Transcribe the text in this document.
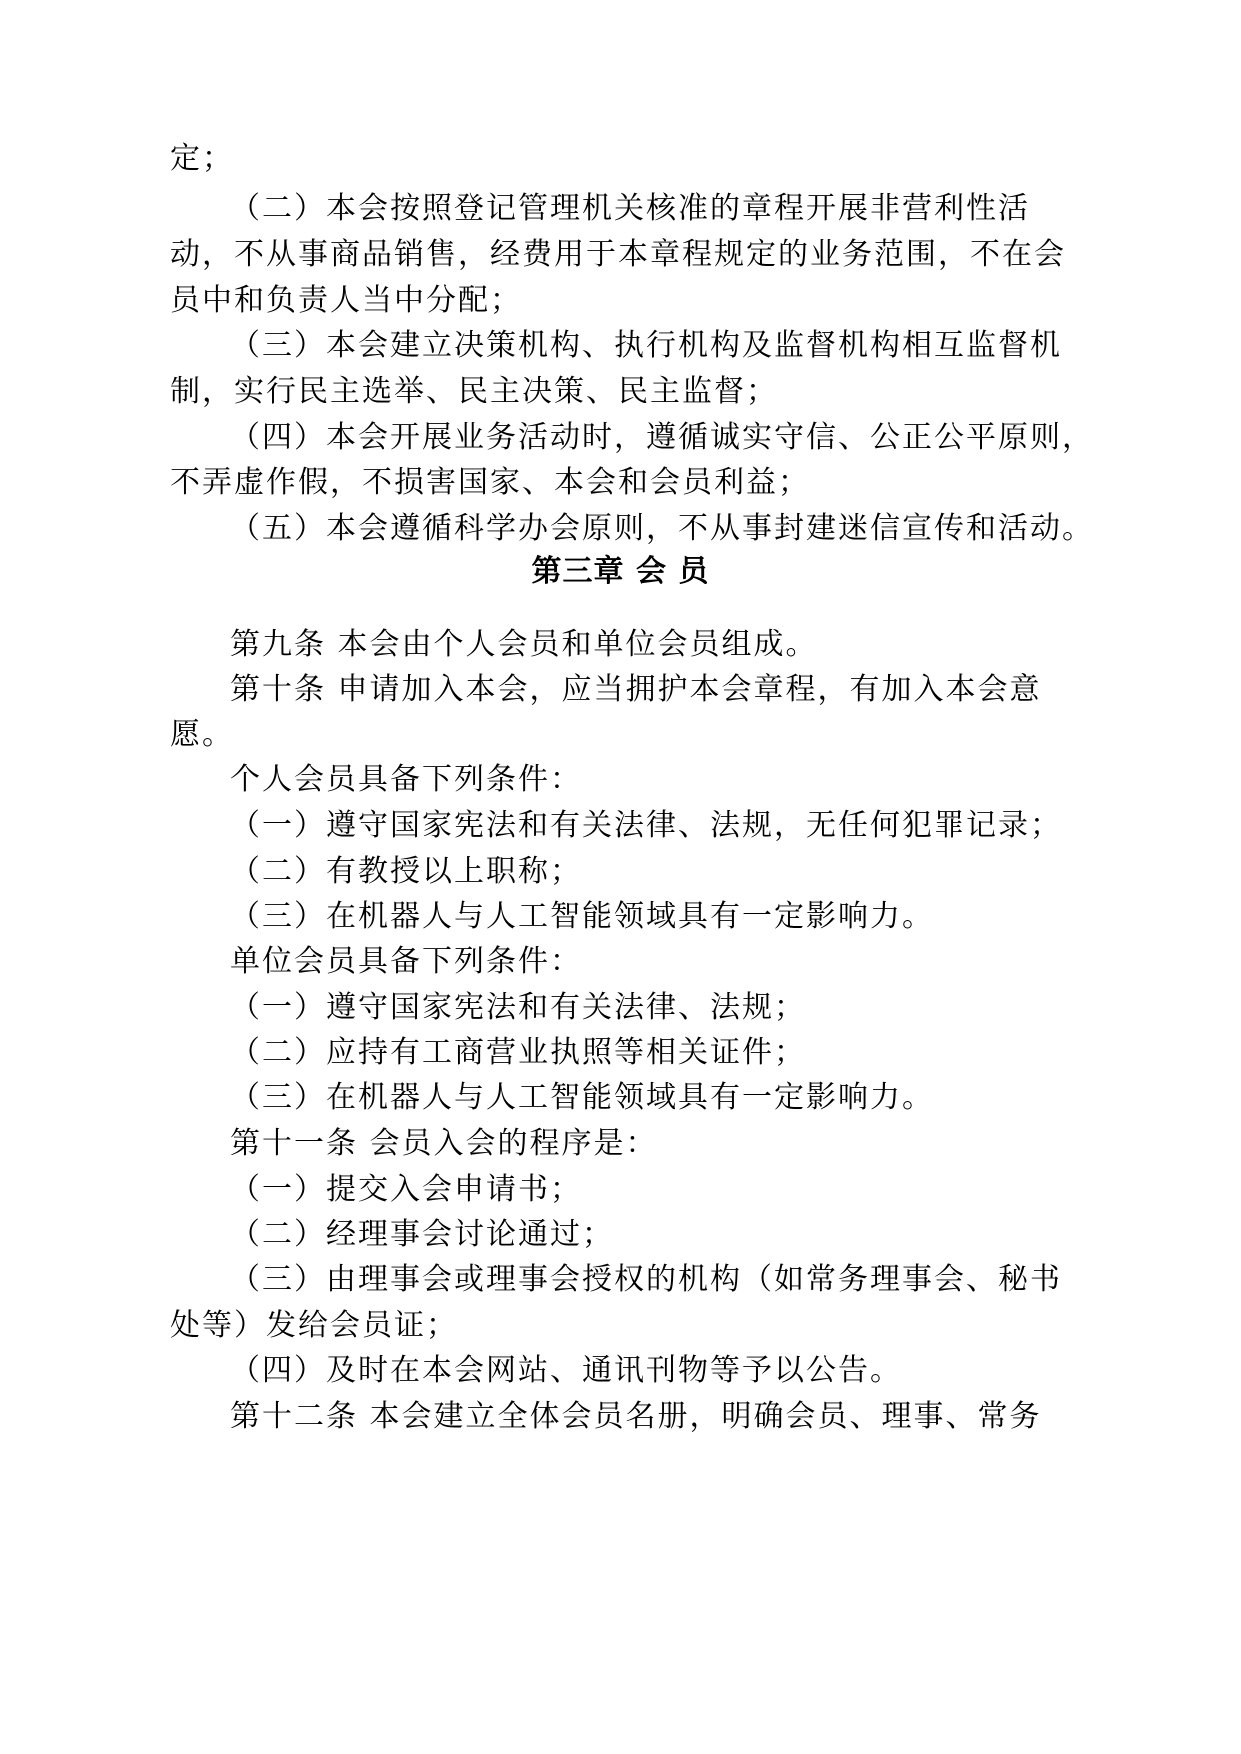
定；
（二）本会按照登记管理机关核准的章程开展非营利性活
动，不从事商品销售，经费用于本章程规定的业务范围，不在会
员中和负责人当中分配；
（三）本会建立决策机构、执行机构及监督机构相互监督机
制，实行民主选举、民主决策、民主监督；
（四）本会开展业务活动时，遵循诚实守信、公正公平原则，
不弄虚作假，不损害国家、本会和会员利益；
（五）本会遵循科学办会原则，不从事封建迷信宣传和活动。
第三章 会 员
第九条 本会由个人会员和单位会员组成。
第十条 申请加入本会，应当拥护本会章程，有加入本会意
愿。
个人会员具备下列条件：
（一）遵守国家宪法和有关法律、法规，无任何犯罪记录；
（二）有教授以上职称；
（三）在机器人与人工智能领域具有一定影响力。
单位会员具备下列条件：
（一）遵守国家宪法和有关法律、法规；
（二）应持有工商营业执照等相关证件；
（三）在机器人与人工智能领域具有一定影响力。
第十一条 会员入会的程序是：
（一）提交入会申请书；
（二）经理事会讨论通过；
（三）由理事会或理事会授权的机构（如常务理事会、秘书
处等）发给会员证；
（四）及时在本会网站、通讯刊物等予以公告。
第十二条 本会建立全体会员名册，明确会员、理事、常务
